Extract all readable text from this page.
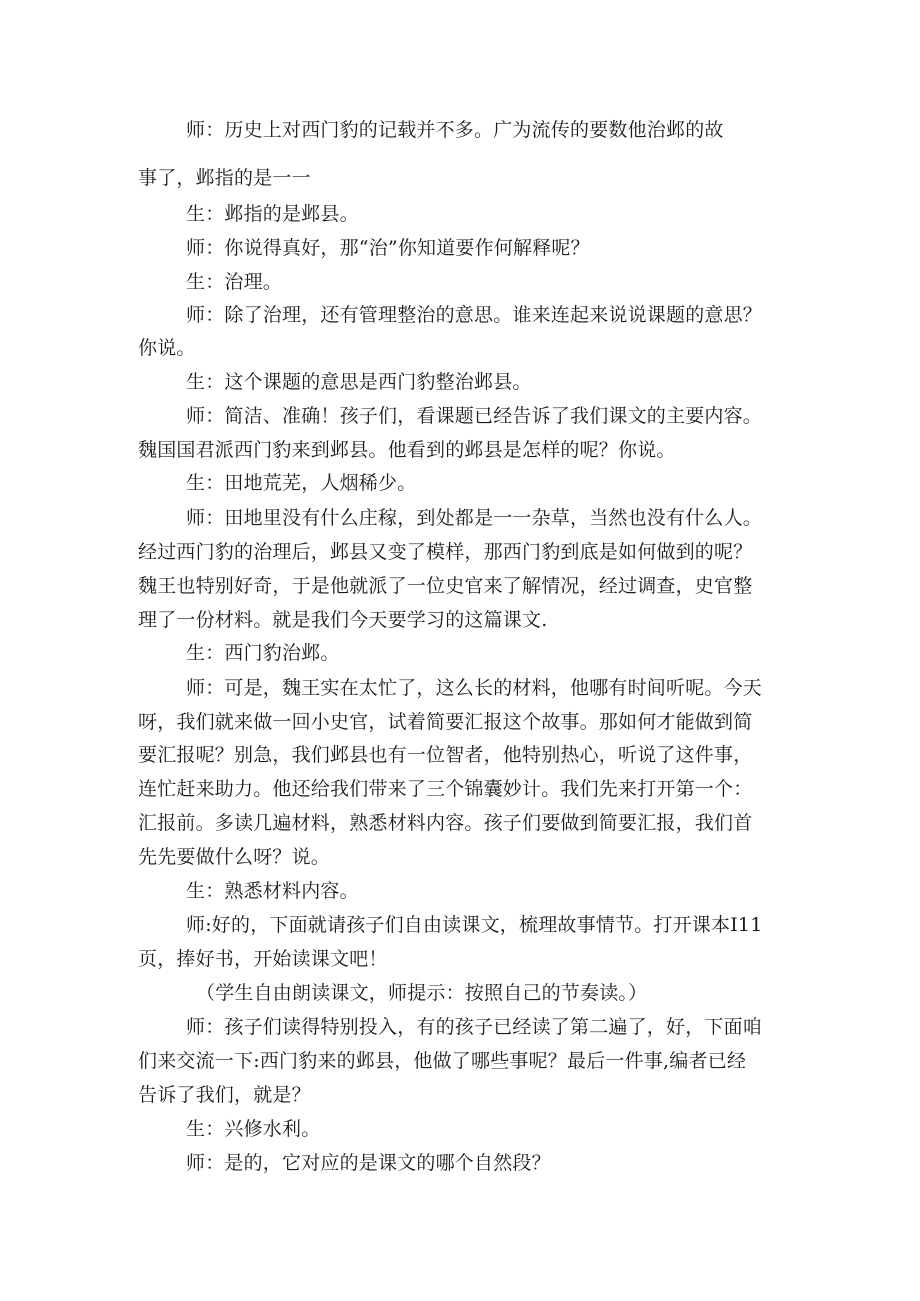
师：历史上对西门豹的记载并不多。广为流传的要数他治邺的故
事了，邺指的是一一
生：邺指的是邺县。
师：你说得真好，那“治”你知道要作何解释呢？
生：治理。
师：除了治理，还有管理整治的意思。谁来连起来说说课题的意思？
你说。
生：这个课题的意思是西门豹整治邺县。
师：简洁、准确！孩子们，看课题已经告诉了我们课文的主要内容。
魏国国君派西门豹来到邺县。他看到的邺县是怎样的呢？你说。
生：田地荒芜，人烟稀少。
师：田地里没有什么庄稼，到处都是一一杂草，当然也没有什么人。
经过西门豹的治理后，邺县又变了模样，那西门豹到底是如何做到的呢？
魏王也特别好奇，于是他就派了一位史官来了解情况，经过调查，史官整
理了一份材料。就是我们今天要学习的这篇课文.
生：西门豹治邺。
师：可是，魏王实在太忙了，这么长的材料，他哪有时间听呢。今天
呀，我们就来做一回小史官，试着简要汇报这个故事。那如何才能做到简
要汇报呢？别急，我们邺县也有一位智者，他特别热心，听说了这件事，
连忙赶来助力。他还给我们带来了三个锦囊妙计。我们先来打开第一个：
汇报前。多读几遍材料，熟悉材料内容。孩子们要做到简要汇报，我们首
先先要做什么呀？说。
生：熟悉材料内容。
师:好的，下面就请孩子们自由读课文，梳理故事情节。打开课本I11
页，捧好书，开始读课文吧！
（学生自由朗读课文，师提示：按照自己的节奏读。）
师：孩子们读得特别投入，有的孩子已经读了第二遍了，好，下面咱
们来交流一下:西门豹来的邺县，他做了哪些事呢？最后一件事,编者已经
告诉了我们，就是？
生：兴修水利。
师：是的，它对应的是课文的哪个自然段？
